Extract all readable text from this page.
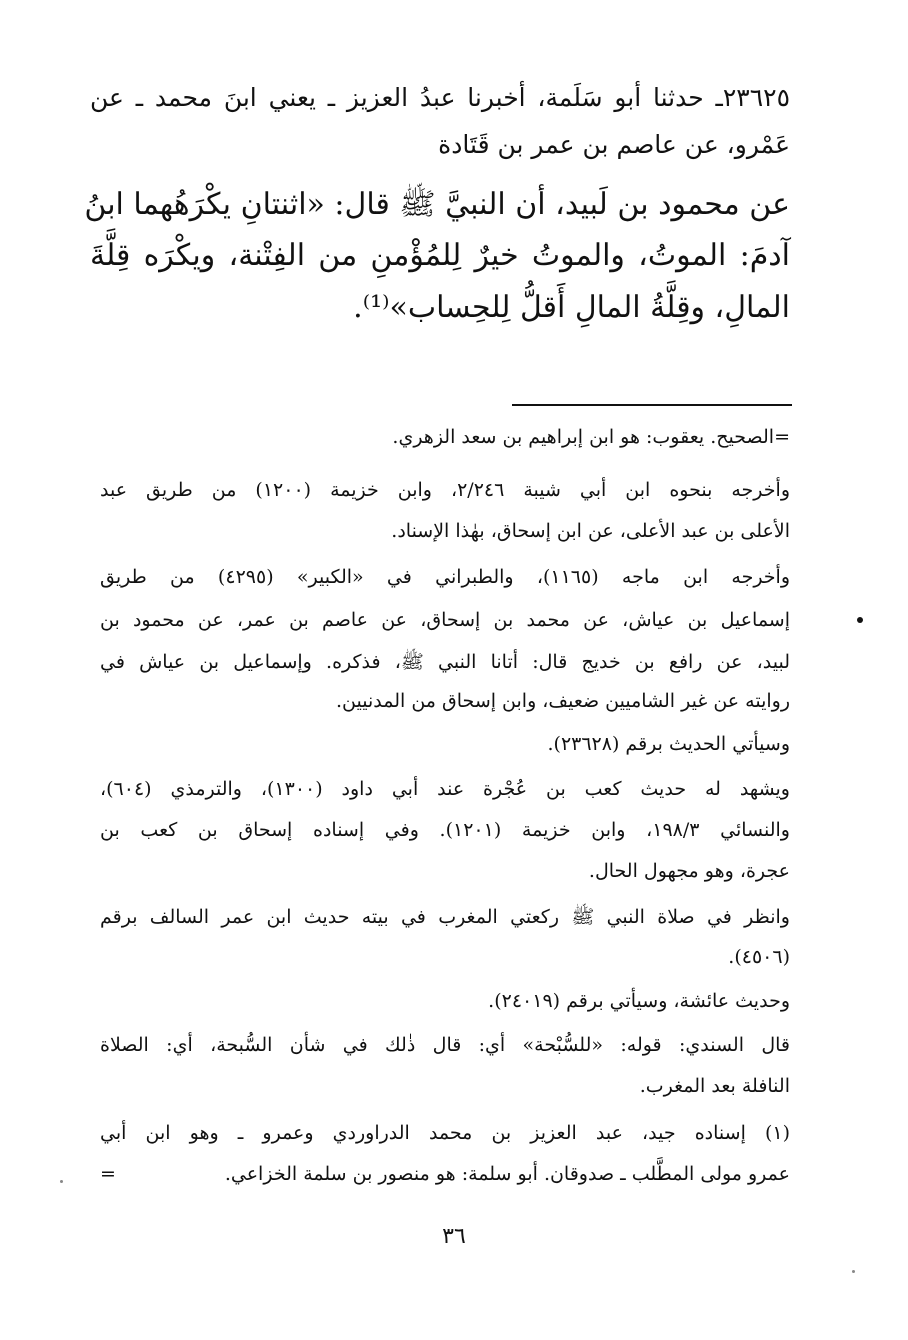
٢٣٦٢٥ـ حدثنا أبو سَلَمة، أخبرنا عبدُ العزيز ـ يعني ابنَ محمد ـ عن
عَمْرو، عن عاصم بن عمر بن قَتَادة
عن محمود بن لَبيد، أن النبيَّ ﷺ قال: «اثنتانِ يكْرَهُهما ابنُ
آدمَ: الموتُ، والموتُ خيرٌ لِلمُؤْمنِ من الفِتْنة، ويكْرَه قِلَّةَ
المالِ، وقِلَّةُ المالِ أَقلُّ لِلحِساب»⁽¹⁾.
=الصحيح. يعقوب: هو ابن إبراهيم بن سعد الزهري.
وأخرجه بنحوه ابن أبي شيبة ٢/٢٤٦، وابن خزيمة (١٢٠٠) من طريق عبد
الأعلى بن عبد الأعلى، عن ابن إسحاق، بهٰذا الإسناد.
وأخرجه ابن ماجه (١١٦٥)، والطبراني في «الكبير» (٤٢٩٥) من طريق
إسماعيل بن عياش، عن محمد بن إسحاق، عن عاصم بن عمر، عن محمود بن
لبيد، عن رافع بن خديج قال: أتانا النبي ﷺ، فذكره. وإسماعيل بن عياش في
روايته عن غير الشاميين ضعيف، وابن إسحاق من المدنيين.
وسيأتي الحديث برقم (٢٣٦٢٨).
ويشهد له حديث كعب بن عُجْرة عند أبي داود (١٣٠٠)، والترمذي (٦٠٤)،
والنسائي ١٩٨/٣، وابن خزيمة (١٢٠١). وفي إسناده إسحاق بن كعب بن
عجرة، وهو مجهول الحال.
وانظر في صلاة النبي ﷺ ركعتي المغرب في بيته حديث ابن عمر السالف برقم
(٤٥٠٦).
وحديث عائشة، وسيأتي برقم (٢٤٠١٩).
قال السندي: قوله: «للسُّبْحة» أي: قال ذٰلك في شأن السُّبحة، أي: الصلاة
النافلة بعد المغرب.
(١) إسناده جيد، عبد العزيز بن محمد الدراوردي وعمرو ـ وهو ابن أبي
عمرو مولى المطَّلب ـ صدوقان. أبو سلمة: هو منصور بن سلمة الخزاعي.
=
٣٦
